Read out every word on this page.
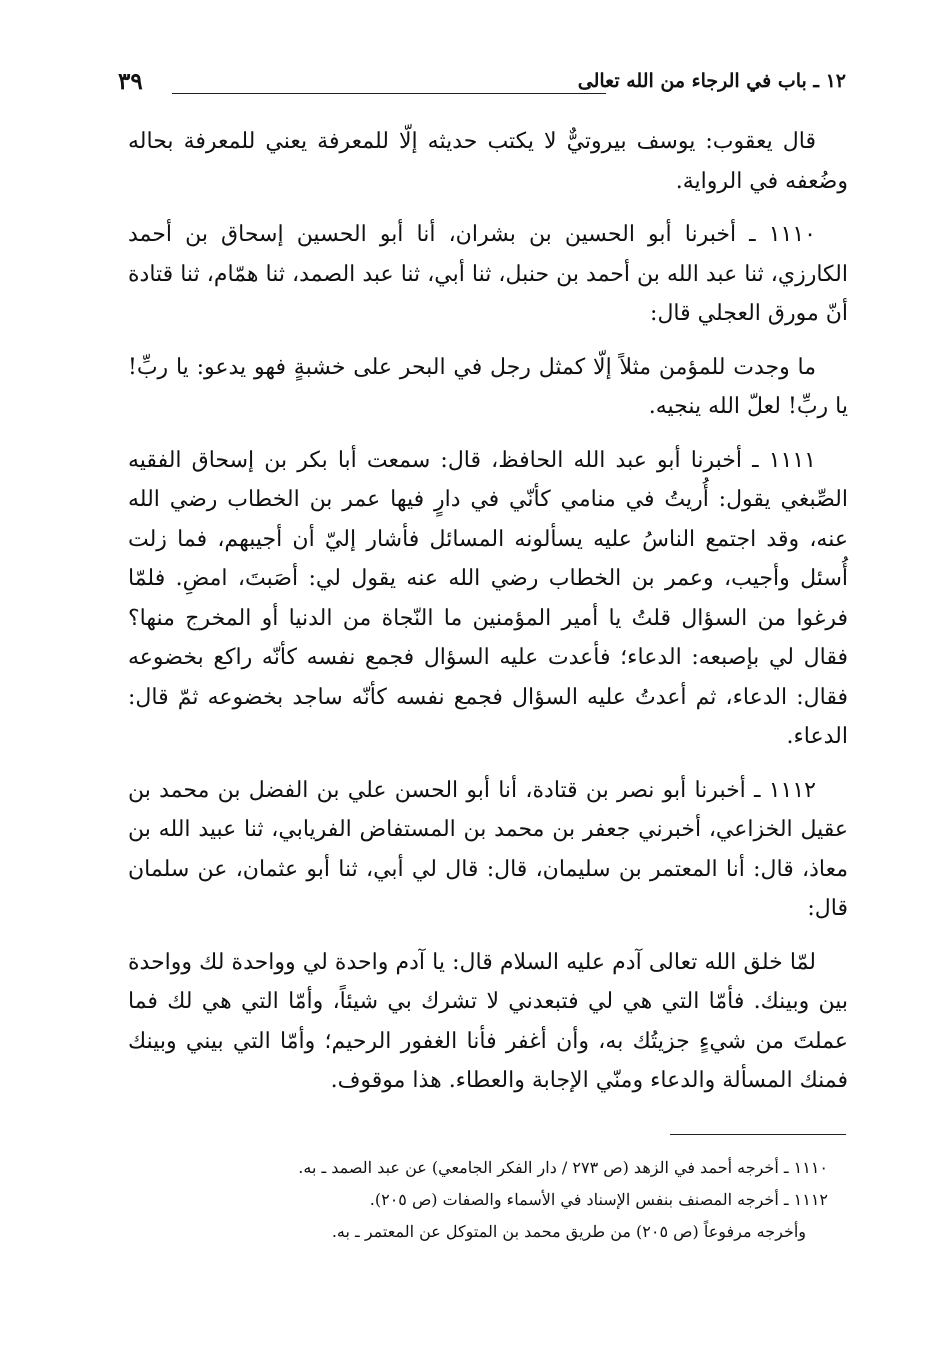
١٢ ـ باب في الرجاء من الله تعالى
٣٩

قال يعقوب: يوسف بيروتيٌّ لا يكتب حديثه إلّا للمعرفة يعني للمعرفة بحاله وضُعفه في الرواية.

١١١٠ ـ أخبرنا أبو الحسين بن بشران، أنا أبو الحسين إسحاق بن أحمد الكارزي، ثنا عبد الله بن أحمد بن حنبل، ثنا أبي، ثنا عبد الصمد، ثنا همّام، ثنا قتادة أنّ مورق العجلي قال:

ما وجدت للمؤمن مثلاً إلّا كمثل رجل في البحر على خشبةٍ فهو يدعو: يا ربِّ! يا ربِّ! لعلّ الله ينجيه.

١١١١ ـ أخبرنا أبو عبد الله الحافظ، قال: سمعت أبا بكر بن إسحاق الفقيه الصِّبغي يقول: أُريتُ في منامي كأنّي في دارٍ فيها عمر بن الخطاب رضي الله عنه، وقد اجتمع الناسُ عليه يسألونه المسائل فأشار إليّ أن أجيبهم، فما زلت أُسئل وأجيب، وعمر بن الخطاب رضي الله عنه يقول لي: أصَبتَ، امضِ. فلمّا فرغوا من السؤال قلتُ يا أمير المؤمنين ما النّجاة من الدنيا أو المخرج منها؟ فقال لي بإصبعه: الدعاء؛ فأعدت عليه السؤال فجمع نفسه كأنّه راكع بخضوعه فقال: الدعاء، ثم أعدتُ عليه السؤال فجمع نفسه كأنّه ساجد بخضوعه ثمّ قال: الدعاء.

١١١٢ ـ أخبرنا أبو نصر بن قتادة، أنا أبو الحسن علي بن الفضل بن محمد بن عقيل الخزاعي، أخبرني جعفر بن محمد بن المستفاض الفريابي، ثنا عبيد الله بن معاذ، قال: أنا المعتمر بن سليمان، قال: قال لي أبي، ثنا أبو عثمان، عن سلمان قال:

لمّا خلق الله تعالى آدم عليه السلام قال: يا آدم واحدة لي وواحدة لك وواحدة بين وبينك. فأمّا التي هي لي فتبعدني لا تشرك بي شيئاً، وأمّا التي هي لك فما عملتَ من شيءٍ جزيتُك به، وأن أغفر فأنا الغفور الرحيم؛ وأمّا التي بيني وبينك فمنك المسألة والدعاء ومنّي الإجابة والعطاء. هذا موقوف.

١١١٠ ـ أخرجه أحمد في الزهد (ص ٢٧٣ / دار الفكر الجامعي) عن عبد الصمد ـ به.

١١١٢ ـ أخرجه المصنف بنفس الإسناد في الأسماء والصفات (ص ٢٠٥).

وأخرجه مرفوعاً (ص ٢٠٥) من طريق محمد بن المتوكل عن المعتمر ـ به.
